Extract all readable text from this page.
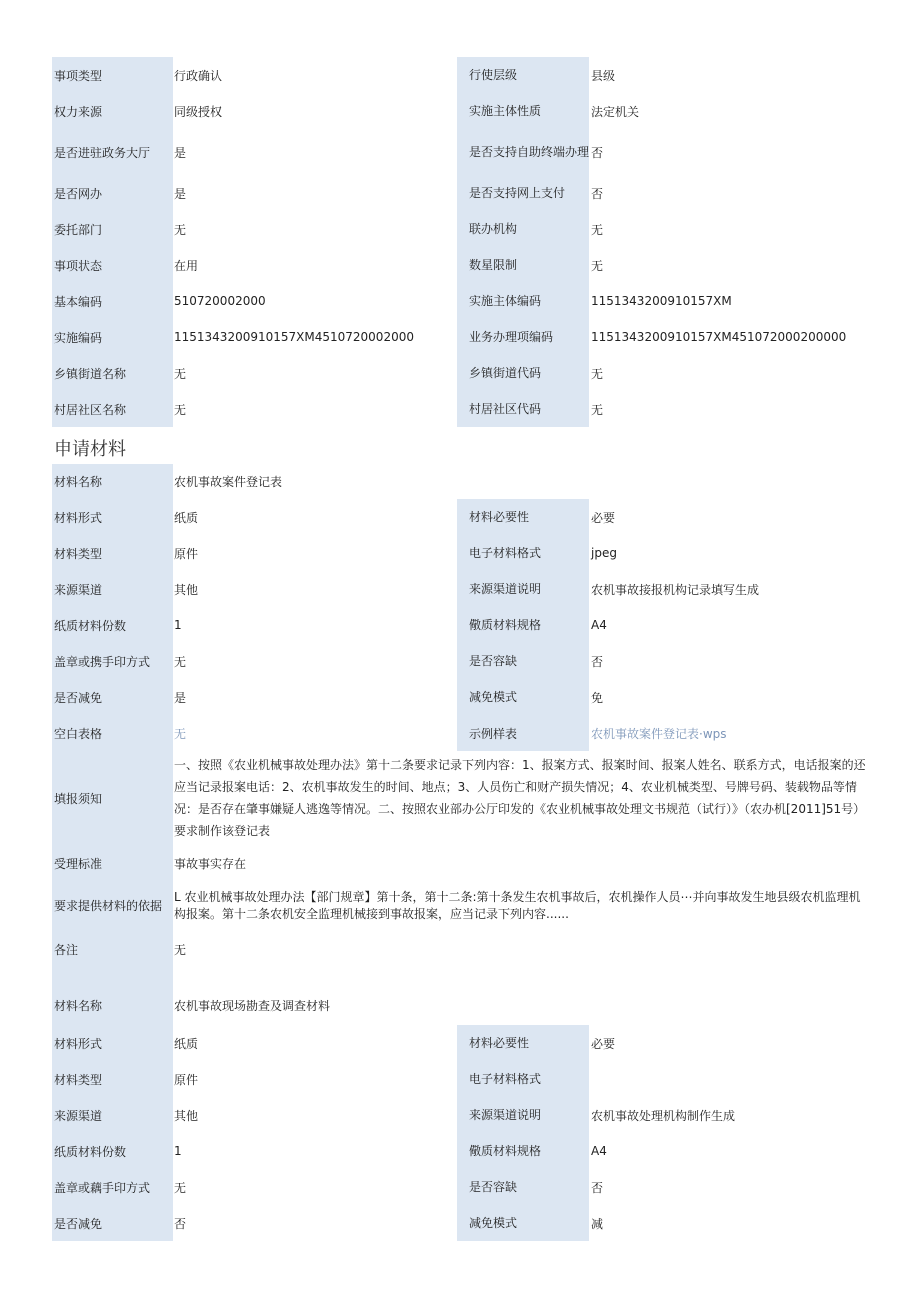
事项类型	行政确认	行使层级	县级
权力来源	同级授权	实施主体性质	法定机关
是否进驻政务大厅	是	是否支持自助终端办理 否
是否网办	是	是否支持网上支付	否
委托部门	无	联办机构	无
事项状态	在用	数星限制	无
基本编码	510720002000	实施主体编码	1151343200910157XM
实施编码	1151343200910157XM4510720002000	业务办理项编码	1151343200910157XM451072000200000
乡镇街道名称	无	乡镇街道代码	无
村居社区名称	无	村居社区代码	无
申请材料
材料名称	农机事故案件登记表
材料形式	纸质	材料必要性	必要
材料类型	原件	电子材料格式	jpeg
来源渠道	其他	来源渠道说明	农机事故接报机构记录填写生成
纸质材料份数	1	儆质材料规格	A4
盖章或携手印方式	无	是否容缺	否
是否减免	是	减免模式	免
空白表格	无	示例样表	农机事故案件登记表·wps
填报须知
一、按照《农业机械事故处理办法》第十二条要求记录下列内容：1、报案方式、报案时间、报案人姓名、联系方式，电话报案的还应当记录报案电话：2、农机事故发生的时间、地点；3、人员伤亡和财产损失情况；4、农业机械类型、号牌号码、装载物品等情况：是否存在肇事嫌疑人逃逸等情况。二、按照农业部办公厅印发的《农业机械事故处理文书规范（试行）》（农办机[2011]51号）要求制作该登记表
受理标准	事故事实存在
要求提供材料的依据
L 农业机械事故处理办法【部门规章】第十条，第十二条:第十条发生农机事故后，农机操作人员⋯并向事故发生地县级农机监理机构报案。第十二条农机安全监理机械接到事故报案，应当记录下列内容......
各注	无
材料名称	农机事故现场勘查及调查材料
材料形式	纸质	材料必要性	必要
材料类型	原件	电子材料格式
来源渠道	其他	来源渠道说明	农机事故处理机构制作生成
纸质材料份数	1	儆质材料规格	A4
盖章或藕手印方式	无	是否容缺	否
是否减免	否	减免模式	减
